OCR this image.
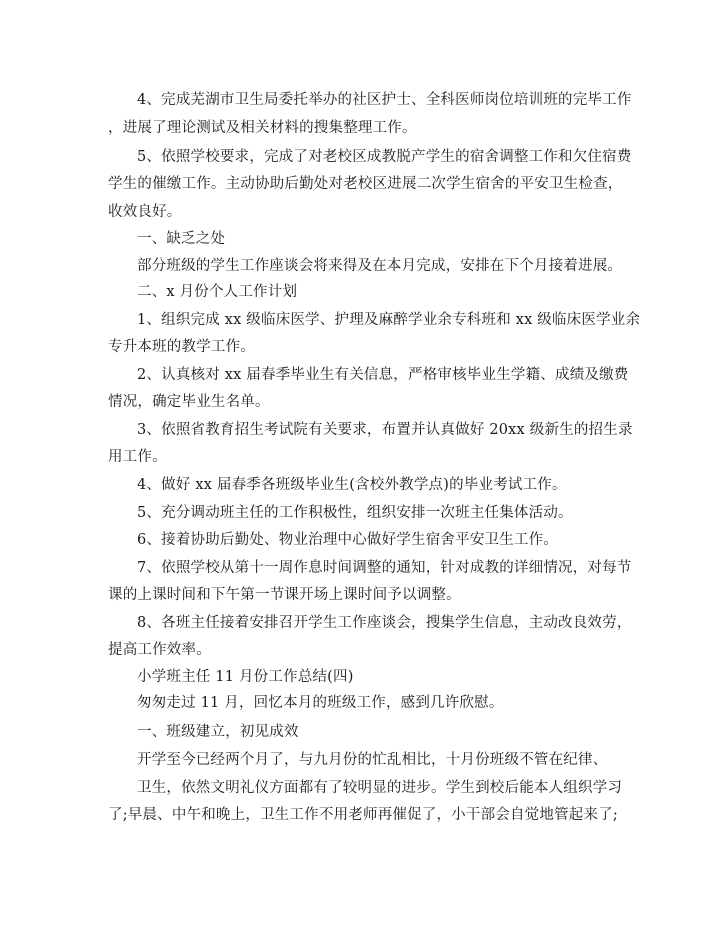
4、完成芜湖市卫生局委托举办的社区护士、全科医师岗位培训班的完毕工作
，进展了理论测试及相关材料的搜集整理工作。
5、依照学校要求，完成了对老校区成教脱产学生的宿舍调整工作和欠住宿费
学生的催缴工作。主动协助后勤处对老校区进展二次学生宿舍的平安卫生检查，
收效良好。
一、缺乏之处
部分班级的学生工作座谈会将来得及在本月完成，安排在下个月接着进展。
二、x 月份个人工作计划
1、组织完成 xx 级临床医学、护理及麻醉学业余专科班和 xx 级临床医学业余
专升本班的教学工作。
2、认真核对 xx 届春季毕业生有关信息，严格审核毕业生学籍、成绩及缴费
情况，确定毕业生名单。
3、依照省教育招生考试院有关要求，布置并认真做好 20xx 级新生的招生录
用工作。
4、做好 xx 届春季各班级毕业生(含校外教学点)的毕业考试工作。
5、充分调动班主任的工作积极性，组织安排一次班主任集体活动。
6、接着协助后勤处、物业治理中心做好学生宿舍平安卫生工作。
7、依照学校从第十一周作息时间调整的通知，针对成教的详细情况，对每节
课的上课时间和下午第一节课开场上课时间予以调整。
8、各班主任接着安排召开学生工作座谈会，搜集学生信息，主动改良效劳，
提高工作效率。
小学班主任 11 月份工作总结(四)
匆匆走过 11 月，回忆本月的班级工作，感到几许欣慰。
一、班级建立，初见成效
开学至今已经两个月了，与九月份的忙乱相比，十月份班级不管在纪律、
卫生，依然文明礼仪方面都有了较明显的进步。学生到校后能本人组织学习
了;早晨、中午和晚上，卫生工作不用老师再催促了，小干部会自觉地管起来了;
